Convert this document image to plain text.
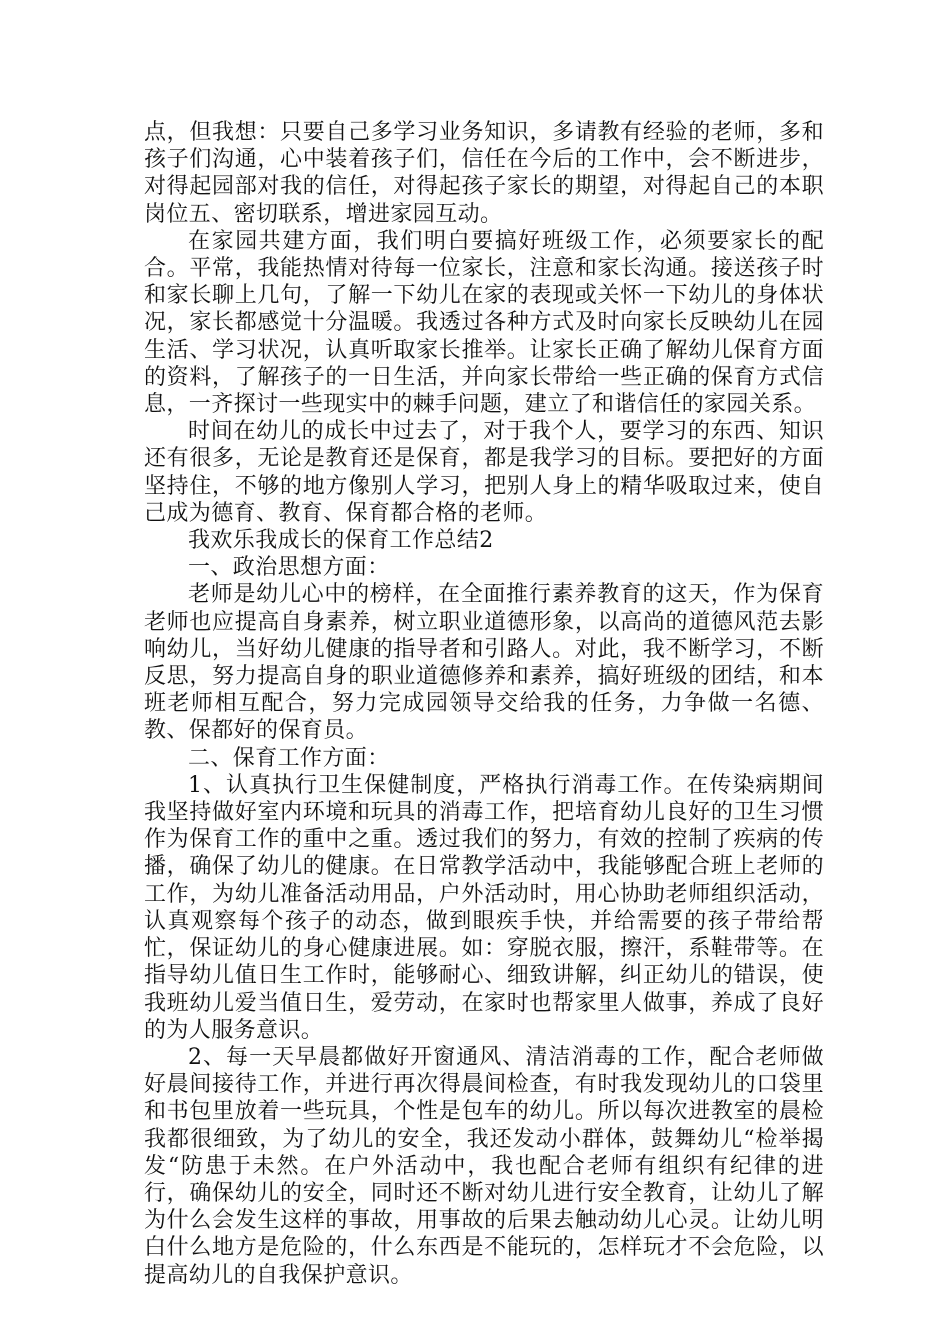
点，但我想：只要自己多学习业务知识，多请教有经验的老师，多和孩子们沟通，心中装着孩子们，信任在今后的工作中，会不断进步，对得起园部对我的信任，对得起孩子家长的期望，对得起自己的本职岗位五、密切联系，增进家园互动。

在家园共建方面，我们明白要搞好班级工作，必须要家长的配合。平常，我能热情对待每一位家长，注意和家长沟通。接送孩子时和家长聊上几句，了解一下幼儿在家的表现或关怀一下幼儿的身体状况，家长都感觉十分温暖。我透过各种方式及时向家长反映幼儿在园生活、学习状况，认真听取家长推举。让家长正确了解幼儿保育方面的资料，了解孩子的一日生活，并向家长带给一些正确的保育方式信息，一齐探讨一些现实中的棘手问题，建立了和谐信任的家园关系。

时间在幼儿的成长中过去了，对于我个人，要学习的东西、知识还有很多，无论是教育还是保育，都是我学习的目标。要把好的方面坚持住，不够的地方像别人学习，把别人身上的精华吸取过来，使自己成为德育、教育、保育都合格的老师。

我欢乐我成长的保育工作总结2

一、政治思想方面：

老师是幼儿心中的榜样，在全面推行素养教育的这天，作为保育老师也应提高自身素养，树立职业道德形象，以高尚的道德风范去影响幼儿，当好幼儿健康的指导者和引路人。对此，我不断学习，不断反思，努力提高自身的职业道德修养和素养，搞好班级的团结，和本班老师相互配合，努力完成园领导交给我的任务，力争做一名德、教、保都好的保育员。

二、保育工作方面：

1、认真执行卫生保健制度，严格执行消毒工作。在传染病期间我坚持做好室内环境和玩具的消毒工作，把培育幼儿良好的卫生习惯作为保育工作的重中之重。透过我们的努力，有效的控制了疾病的传播，确保了幼儿的健康。在日常教学活动中，我能够配合班上老师的工作，为幼儿准备活动用品，户外活动时，用心协助老师组织活动，认真观察每个孩子的动态，做到眼疾手快，并给需要的孩子带给帮忙，保证幼儿的身心健康进展。如：穿脱衣服，擦汗，系鞋带等。在指导幼儿值日生工作时，能够耐心、细致讲解，纠正幼儿的错误，使我班幼儿爱当值日生，爱劳动，在家时也帮家里人做事，养成了良好的为人服务意识。

2、每一天早晨都做好开窗通风、清洁消毒的工作，配合老师做好晨间接待工作，并进行再次得晨间检查，有时我发现幼儿的口袋里和书包里放着一些玩具，个性是包车的幼儿。所以每次进教室的晨检我都很细致，为了幼儿的安全，我还发动小群体，鼓舞幼儿“检举揭发“防患于未然。在户外活动中，我也配合老师有组织有纪律的进行，确保幼儿的安全，同时还不断对幼儿进行安全教育，让幼儿了解为什么会发生这样的事故，用事故的后果去触动幼儿心灵。让幼儿明白什么地方是危险的，什么东西是不能玩的，怎样玩才不会危险，以提高幼儿的自我保护意识。
